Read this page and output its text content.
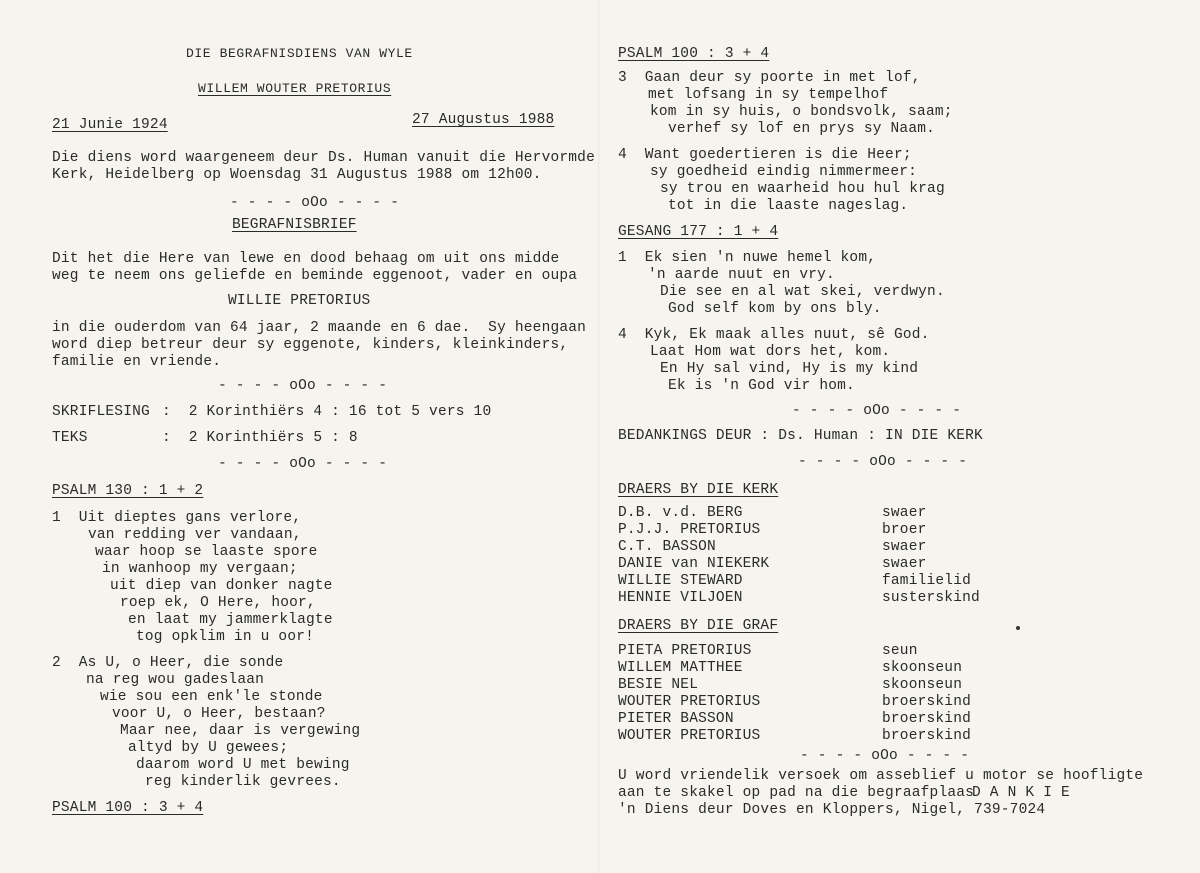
DIE BEGRAFNISDIENS VAN WYLE
WILLEM WOUTER PRETORIUS
21 Junie 1924	27 Augustus 1988
Die diens word waargeneem deur Ds. Human vanuit die Hervormde
Kerk, Heidelberg op Woensdag 31 Augustus 1988 om 12h00.
- - - - oOo - - - -
BEGRAFNISBRIEF
Dit het die Here van lewe en dood behaag om uit ons midde
weg te neem ons geliefde en beminde eggenoot, vader en oupa
WILLIE PRETORIUS
in die ouderdom van 64 jaar, 2 maande en 6 dae.  Sy heengaan
word diep betreur deur sy eggenote, kinders, kleinkinders,
familie en vriende.
- - - - oOo - - - -
SKRIFLESING :  2 Korinthiërs 4 : 16 tot 5 vers 10
TEKS	:  2 Korinthiërs 5 : 8
- - - - oOo - - - -
PSALM 130 : 1 + 2
1  Uit dieptes gans verlore,
van redding ver vandaan,
waar hoop se laaste spore
in wanhoop my vergaan;
uit diep van donker nagte
roep ek, O Here, hoor,
en laat my jammerklagte
tog opklim in u oor!
2  As U, o Heer, die sonde
na reg wou gadeslaan
wie sou een enk'le stonde
voor U, o Heer, bestaan?
Maar nee, daar is vergewing
altyd by U gewees;
daarom word U met bewing
reg kinderlik gevrees.
PSALM 100 : 3 + 4
PSALM 100 : 3 + 4
3  Gaan deur sy poorte in met lof,
met lofsang in sy tempelhof
kom in sy huis, o bondsvolk, saam;
verhef sy lof en prys sy Naam.
4  Want goedertieren is die Heer;
sy goedheid eindig nimmermeer:
sy trou en waarheid hou hul krag
tot in die laaste nageslag.
GESANG 177 : 1 + 4
1  Ek sien 'n nuwe hemel kom,
'n aarde nuut en vry.
Die see en al wat skei, verdwyn.
God self kom by ons bly.
4  Kyk, Ek maak alles nuut, sê God.
Laat Hom wat dors het, kom.
En Hy sal vind, Hy is my kind
Ek is 'n God vir hom.
- - - - oOo - - - -
BEDANKINGS DEUR : Ds. Human : IN DIE KERK
- - - - oOo - - - -
DRAERS BY DIE KERK
D.B. v.d. BERG	swaer
P.J.J. PRETORIUS	broer
C.T. BASSON	swaer
DANIE van NIEKERK	swaer
WILLIE STEWARD	familielid
HENNIE VILJOEN	susterskind
DRAERS BY DIE GRAF
PIETA PRETORIUS	seun
WILLEM MATTHEE	skoonseun
BESIE NEL	skoonseun
WOUTER PRETORIUS	broerskind
PIETER BASSON	broerskind
WOUTER PRETORIUS	broerskind
- - - - oOo - - - -
U word vriendelik versoek om asseblief u motor se hoofligte
aan te skakel op pad na die begraafplaas
D A N K I E
'n Diens deur Doves en Kloppers, Nigel, 739-7024
